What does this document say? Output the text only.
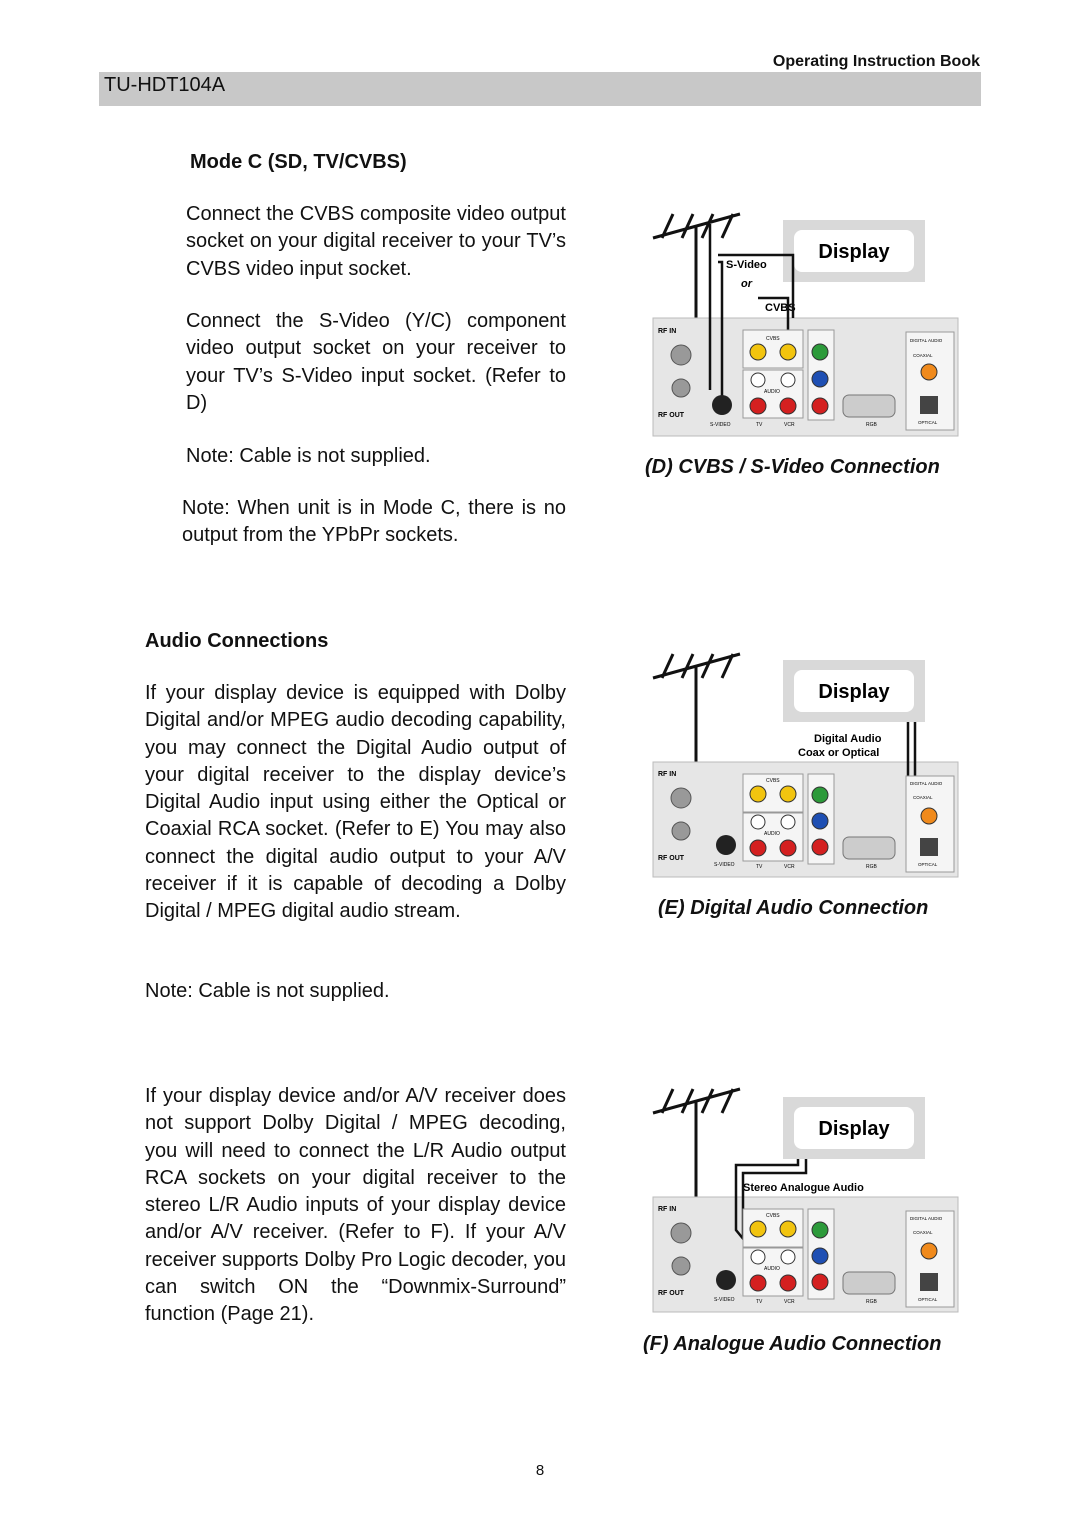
Operating Instruction Book
TU-HDT104A
Mode C (SD, TV/CVBS)
Connect the CVBS composite video output socket on your digital receiver to your TV’s CVBS video input socket.
Connect the S-Video (Y/C) component video output socket on your receiver to your TV’s S-Video input socket. (Refer to D)
Note: Cable is not supplied.
Note: When unit is in Mode C, there is no output from the YPbPr sockets.
Audio Connections
If your display device is equipped with Dolby Digital and/or MPEG audio decoding capability, you may connect the Digital Audio output of your digital receiver to the display device’s Digital Audio input using either the Optical or Coaxial RCA socket. (Refer to E) You may also connect the digital audio output to your A/V receiver if it is capable of decoding a Dolby Digital / MPEG digital audio stream.
Note: Cable is not supplied.
If your display device and/or A/V receiver does not support Dolby Digital / MPEG decoding, you will need to connect the L/R Audio output RCA sockets on your digital receiver to the stereo L/R Audio inputs of your display device and/or A/V receiver. (Refer to F). If your A/V receiver supports Dolby Pro Logic decoder, you can switch ON the “Downmix-Surround” function (Page 21).
Display
S-Video
or
CVBS
RF IN
RF OUT
S-VIDEO
CVBS
AUDIO
TV	VCR	RGB
DIGITAL AUDIO
COAXIAL
OPTICAL
(D) CVBS / S-Video Connection
Display
Digital Audio
Coax or Optical
RF IN
RF OUT
S-VIDEO
CVBS
AUDIO
TV	VCR	RGB
DIGITAL AUDIO
COAXIAL
OPTICAL
(E) Digital Audio Connection
Display
Stereo Analogue Audio
RF IN
RF OUT
S-VIDEO
CVBS
AUDIO
TV	VCR	RGB
DIGITAL AUDIO
COAXIAL
OPTICAL
(F) Analogue Audio Connection
8
